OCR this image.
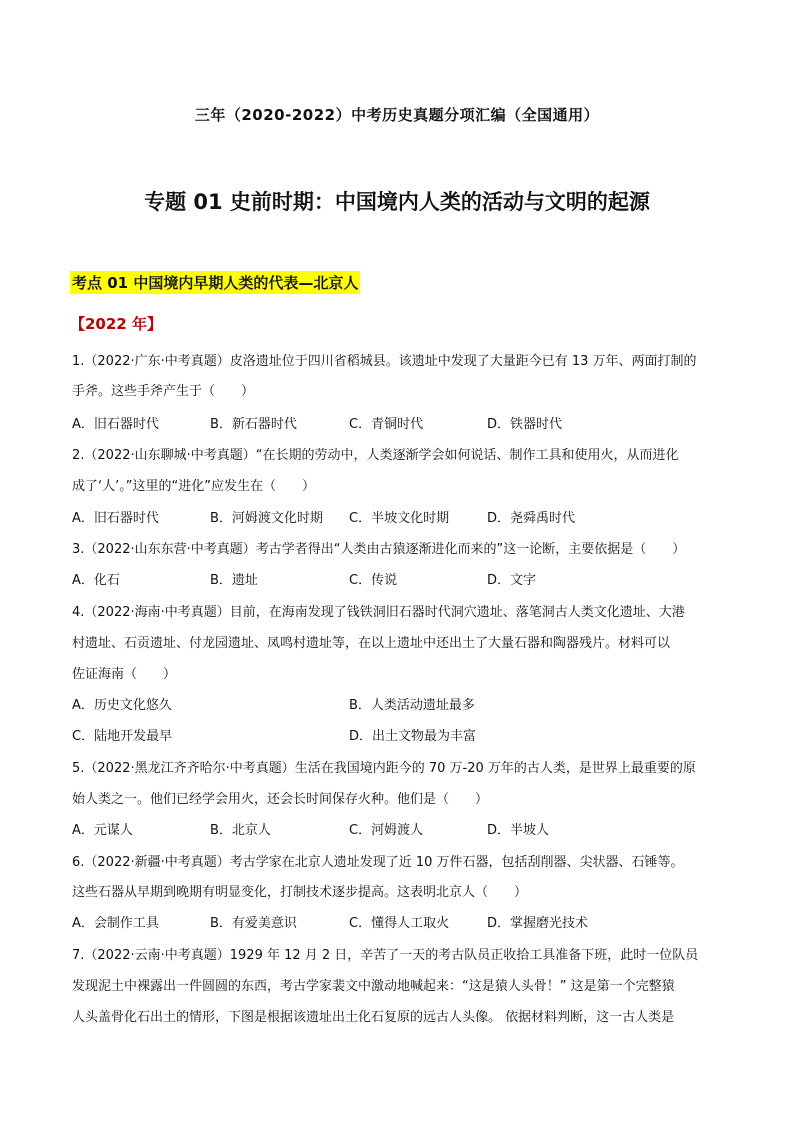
三年（2020-2022）中考历史真题分项汇编（全国通用）
专题 01 史前时期：中国境内人类的活动与文明的起源
考点 01 中国境内早期人类的代表—北京人
【2022 年】
1.（2022·广东·中考真题）皮洛遗址位于四川省稻城县。该遗址中发现了大量距今已有 13 万年、两面打制的
手斧。这些手斧产生于（　　）
A．旧石器时代	B．新石器时代	C．青铜时代	D．铁器时代
2.（2022·山东聊城·中考真题）“在长期的劳动中，人类逐渐学会如何说话、制作工具和使用火，从而进化
成了‘人’。”这里的“进化”应发生在（　　）
A．旧石器时代	B．河姆渡文化时期 C．半坡文化时期	D．尧舜禹时代
3.（2022·山东东营·中考真题）考古学者得出“人类由古猿逐渐进化而来的”这一论断，主要依据是（　　）
A．化石	B．遗址	C．传说	D．文字
4.（2022·海南·中考真题）目前，在海南发现了钱铁洞旧石器时代洞穴遗址、落笔洞古人类文化遗址、大港
村遗址、石贡遗址、付龙园遗址、凤鸣村遗址等，在以上遗址中还出土了大量石器和陶器残片。材料可以
佐证海南（　　）
A．历史文化悠久	B．人类活动遗址最多
C．陆地开发最早	D．出土文物最为丰富
5.（2022·黑龙江齐齐哈尔·中考真题）生活在我国境内距今的 70 万-20 万年的古人类，是世界上最重要的原
始人类之一。他们已经学会用火，还会长时间保存火种。他们是（　　）
A．元谋人	B．北京人	C．河姆渡人	D．半坡人
6.（2022·新疆·中考真题）考古学家在北京人遗址发现了近 10 万件石器，包括刮削器、尖状器、石锤等。
这些石器从早期到晚期有明显变化，打制技术逐步提高。这表明北京人（　　）
A．会制作工具	B．有爱美意识	C．懂得人工取火	D．掌握磨光技术
7.（2022·云南·中考真题）1929 年 12 月 2 日，辛苦了一天的考古队员正收拾工具准备下班，此时一位队员
发现泥土中裸露出一件圆圆的东西，考古学家裴文中激动地喊起来：“这是猿人头骨！” 这是第一个完整猿
人头盖骨化石出土的情形，下图是根据该遗址出土化石复原的远古人头像。 依据材料判断，这一古人类是
